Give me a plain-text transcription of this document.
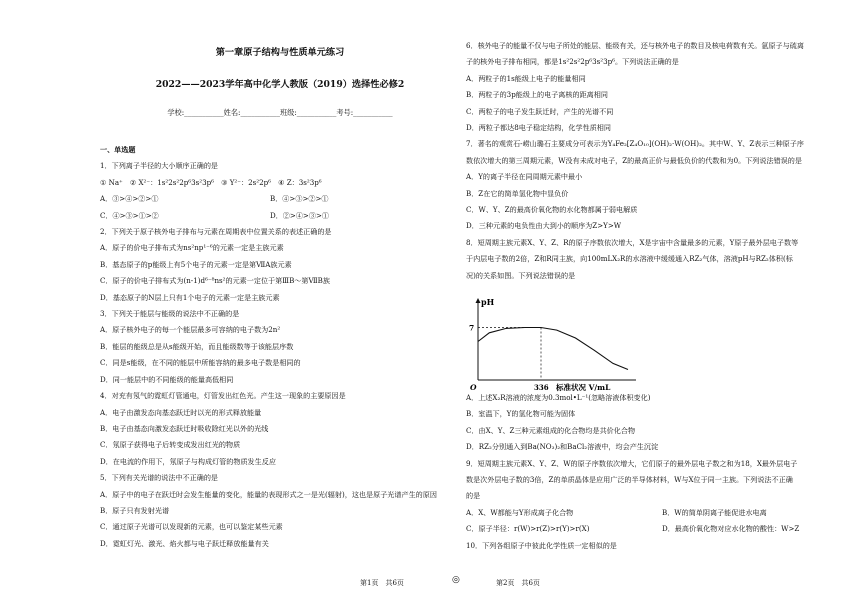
第一章原子结构与性质单元练习
2022——2023学年高中化学人教版（2019）选择性必修2
学校:___________姓名:___________班级:___________考号:___________

一、单选题

1．下列离子半径的大小顺序正确的是

① Na⁺　② X²⁻：1s²2s²2p⁶3s²3p⁶　③ Y²⁻：2s²2p⁶　④ Z：3s²3p⁶

A．③>④>②>①	B．④>③>②>①

C．④>③>①>②	D．②>④>③>①

2．下列关于原子核外电子排布与元素在周期表中位置关系的表述正确的是

A．原子的价电子排布式为ns²np¹⁻⁶的元素一定是主族元素

B．基态原子的p能级上有5个电子的元素一定是第ⅦA族元素

C．原子的价电子排布式为(n-1)d⁶⁻⁸ns²的元素一定位于第ⅢB～第ⅦB族

D．基态原子的N层上只有1个电子的元素一定是主族元素

3．下列关于能层与能级的说法中不正确的是

A．原子核外电子的每一个能层最多可容纳的电子数为2n²

B．能层的能级总是从s能级开始，而且能级数等于该能层序数

C．同是s能级，在不同的能层中所能容纳的最多电子数是相同的

D．同一能层中的不同能级的能量高低相同

4．对充有氖气的霓虹灯管通电，灯管发出红色光。产生这一现象的主要原因是

A．电子由激发态向基态跃迁时以光的形式释放能量

B．电子由基态向激发态跃迁时吸收除红光以外的光线

C．氖原子获得电子后转变成发出红光的物质

D．在电流的作用下，氖原子与构成灯管的物质发生反应

5．下列有关光谱的说法中不正确的是

A．原子中的电子在跃迁时会发生能量的变化，能量的表现形式之一是光(辐射)，这也是原子光谱产生的原因

B．原子只有发射光谱

C．通过原子光谱可以发现新的元素，也可以鉴定某些元素

D．霓虹灯光、激光、焰火都与电子跃迁释放能量有关

6．核外电子的能量不仅与电子所处的能层、能级有关，还与核外电子的数目及核电荷数有关。氩原子与硫离

子的核外电子排布相同，都是1s²2s²2p⁶3s²3p⁶。下列说法正确的是

A．两粒子的1s能级上电子的能量相同

B．两粒子的3p能级上的电子离核的距离相同

C．两粒子的电子发生跃迁时，产生的光谱不同

D．两粒子都达8电子稳定结构，化学性质相同

7．著名的观赏石-崂山璐石主要成分可表示为Y₄Fe₂[Z₄O₁₀](OH)₂·W(OH)₂。其中W、Y、Z表示三种原子序

数依次增大的第三周期元素，W没有未成对电子，Z的最高正价与最低负价的代数和为0。下列说法错误的是

A．Y的离子半径在同周期元素中最小

B．Z在它的简单氢化物中显负价

C．W、Y、Z的最高价氧化物的水化物都属于弱电解质

D．三种元素的电负性由大到小的顺序为Z>Y>W

8．短周期主族元素X、Y、Z、R的原子序数依次增大，X是宇宙中含量最多的元素，Y原子最外层电子数等

于内层电子数的2倍，Z和R同主族，向100mLX₂R的水溶液中缓缓通入RZ₂气体，溶液pH与RZ₂体积(标

况)的关系如图。下列说法错误的是

pH
7
O	336 标准状况 V/mL

A．上述X₂R溶液的浓度为0.3mol•L⁻¹(忽略溶液体积变化)

B．室温下，Y的氢化物可能为固体

C．由X、Y、Z三种元素组成的化合物均是共价化合物

D．RZ₂分别通入到Ba(NO₃)₂和BaCl₂溶液中，均会产生沉淀

9．短周期主族元素X、Y、Z、W的原子序数依次增大，它们原子的最外层电子数之和为18，X最外层电子

数是次外层电子数的3倍，Z的单质晶体是应用广泛的半导体材料，W与X位于同一主族。下列说法不正确

的是

A．X、W都能与Y形成离子化合物	B．W的简单阴离子能促进水电离

C．原子半径：r(W)>r(Z)>r(Y)>r(X)	D．最高价氧化物对应水化物的酸性：W>Z

10．下列各组原子中彼此化学性质一定相似的是

第1页　共6页	◎	第2页　共6页
